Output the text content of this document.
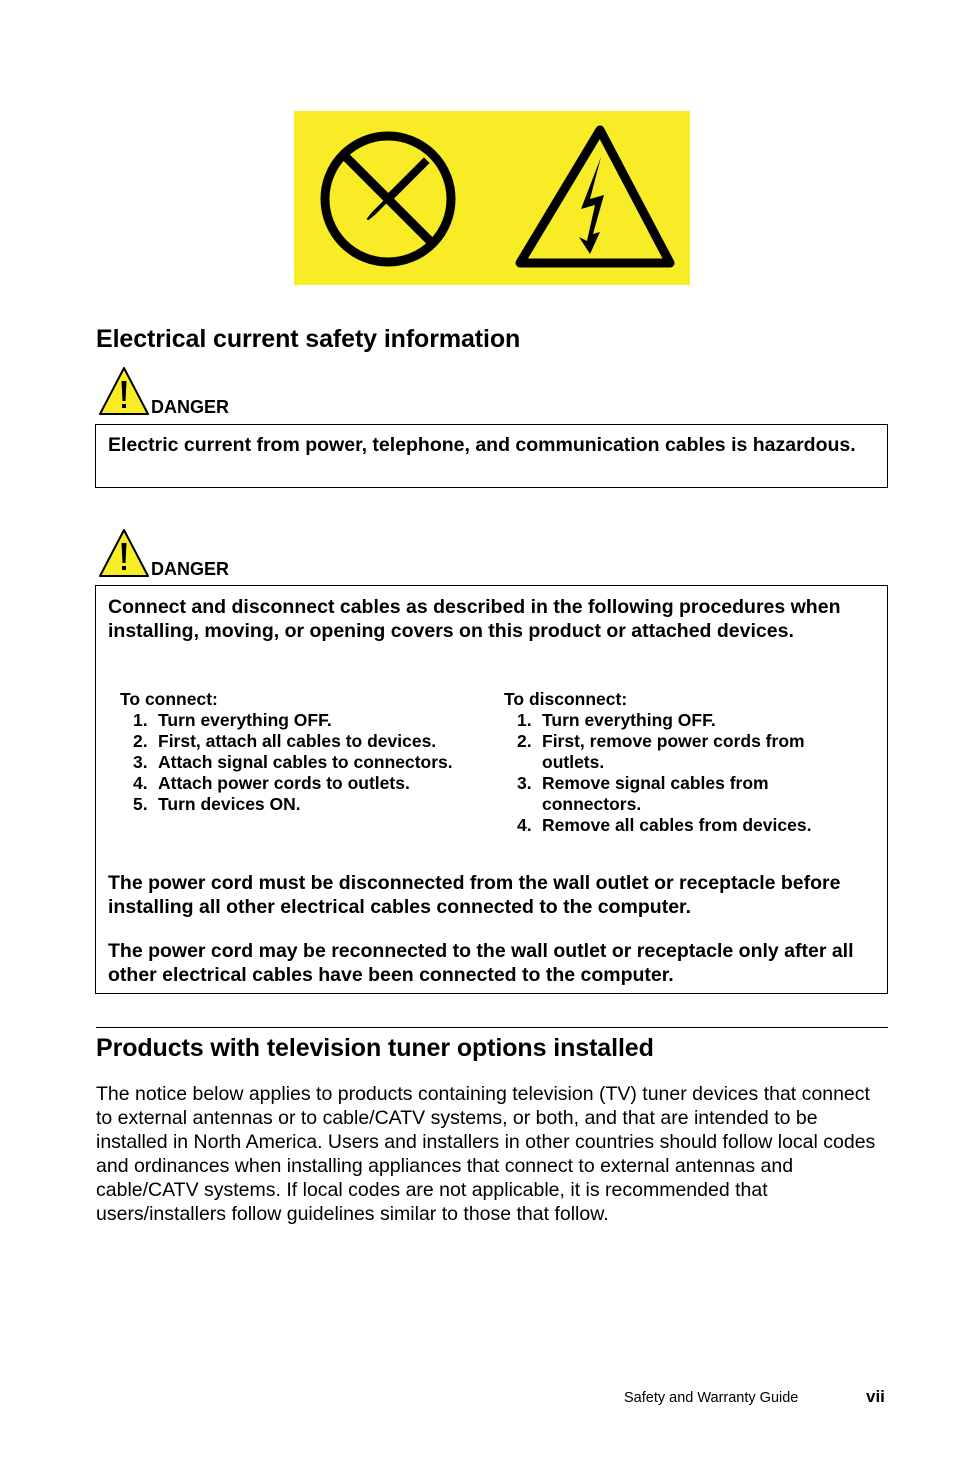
Electrical current safety information
DANGER

Electric current from power, telephone, and communication cables is hazardous.

DANGER

Connect and disconnect cables as described in the following procedures when installing, moving, or opening covers on this product or attached devices.

To connect:
1. Turn everything OFF.
2. First, attach all cables to devices.
3. Attach signal cables to connectors.
4. Attach power cords to outlets.
5. Turn devices ON.
To disconnect:
1. Turn everything OFF.
2. First, remove power cords from outlets.
3. Remove signal cables from connectors.
4. Remove all cables from devices.

The power cord must be disconnected from the wall outlet or receptacle before installing all other electrical cables connected to the computer.

The power cord may be reconnected to the wall outlet or receptacle only after all other electrical cables have been connected to the computer.

Products with television tuner options installed

The notice below applies to products containing television (TV) tuner devices that connect to external antennas or to cable/CATV systems, or both, and that are intended to be installed in North America. Users and installers in other countries should follow local codes and ordinances when installing appliances that connect to external antennas and cable/CATV systems. If local codes are not applicable, it is recommended that users/installers follow guidelines similar to those that follow.

Safety and Warranty Guide	vii
